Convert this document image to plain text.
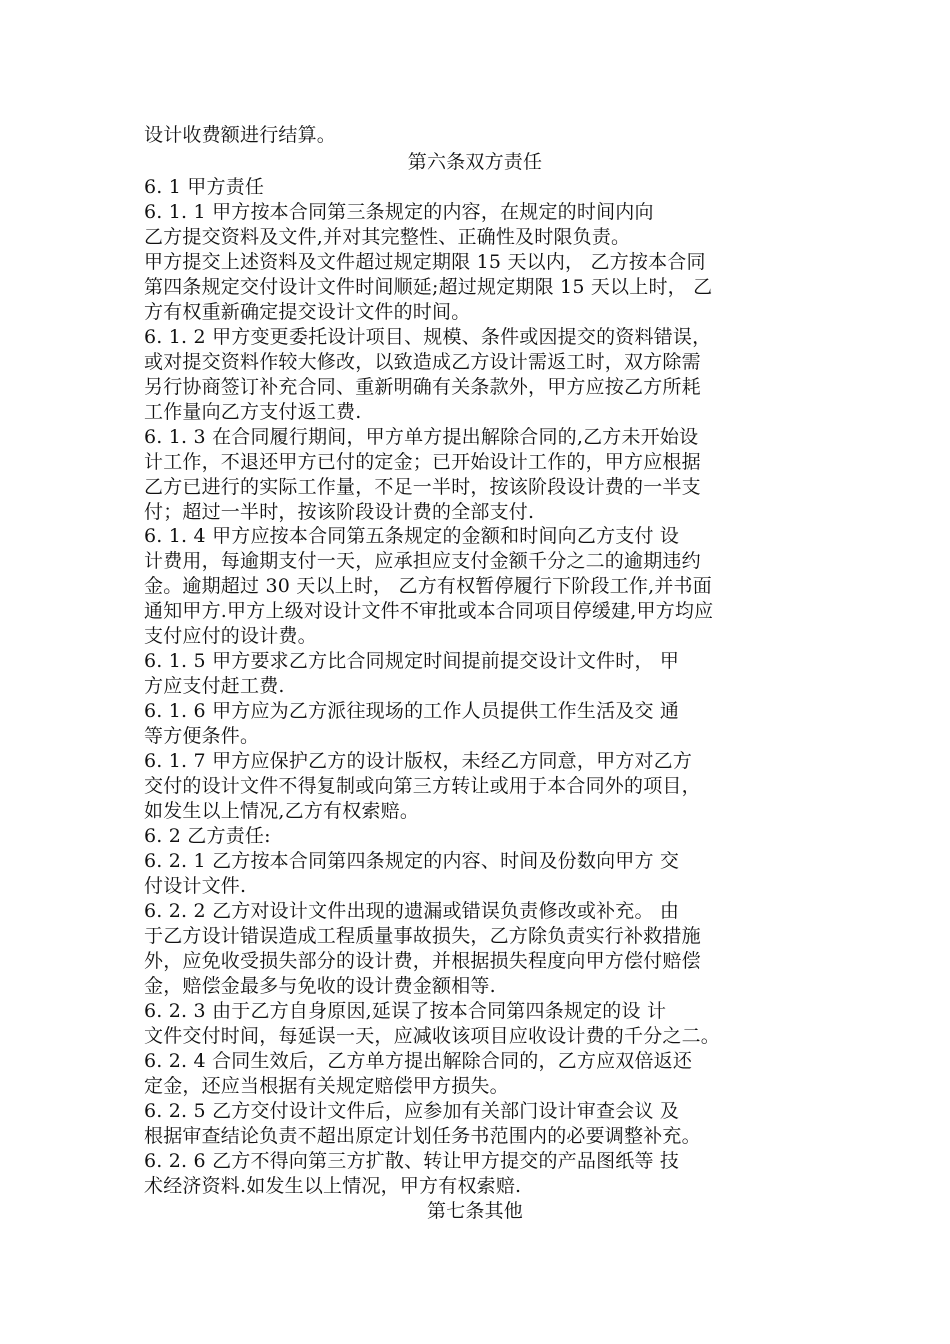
设计收费额进行结算。
第六条双方责任
6. 1 甲方责任
6. 1. 1 甲方按本合同第三条规定的内容，在规定的时间内向
乙方提交资料及文件,并对其完整性、正确性及时限负责。
甲方提交上述资料及文件超过规定期限 15 天以内， 乙方按本合同
第四条规定交付设计文件时间顺延;超过规定期限 15 天以上时， 乙
方有权重新确定提交设计文件的时间。
6. 1. 2 甲方变更委托设计项目、规模、条件或因提交的资料错误，
或对提交资料作较大修改，以致造成乙方设计需返工时，双方除需
另行协商签订补充合同、重新明确有关条款外，甲方应按乙方所耗
工作量向乙方支付返工费.
6. 1. 3 在合同履行期间，甲方单方提出解除合同的,乙方未开始设
计工作，不退还甲方已付的定金；已开始设计工作的，甲方应根据
乙方已进行的实际工作量，不足一半时，按该阶段设计费的一半支
付；超过一半时，按该阶段设计费的全部支付.
6. 1. 4 甲方应按本合同第五条规定的金额和时间向乙方支付 设
计费用，每逾期支付一天，应承担应支付金额千分之二的逾期违约
金。逾期超过 30 天以上时， 乙方有权暂停履行下阶段工作,并书面
通知甲方.甲方上级对设计文件不审批或本合同项目停缓建,甲方均应
支付应付的设计费。
6. 1. 5 甲方要求乙方比合同规定时间提前提交设计文件时， 甲
方应支付赶工费.
6. 1. 6 甲方应为乙方派往现场的工作人员提供工作生活及交 通
等方便条件。
6. 1. 7 甲方应保护乙方的设计版权，未经乙方同意，甲方对乙方
交付的设计文件不得复制或向第三方转让或用于本合同外的项目，
如发生以上情况,乙方有权索赔。
6. 2 乙方责任:
6. 2. 1 乙方按本合同第四条规定的内容、时间及份数向甲方 交
付设计文件.
6. 2. 2 乙方对设计文件出现的遗漏或错误负责修改或补充。 由
于乙方设计错误造成工程质量事故损失，乙方除负责实行补救措施
外，应免收受损失部分的设计费，并根据损失程度向甲方偿付赔偿
金，赔偿金最多与免收的设计费金额相等.
6. 2. 3 由于乙方自身原因,延误了按本合同第四条规定的设 计
文件交付时间，每延误一天，应减收该项目应收设计费的千分之二。
6. 2. 4 合同生效后，乙方单方提出解除合同的，乙方应双倍返还
定金，还应当根据有关规定赔偿甲方损失。
6. 2. 5 乙方交付设计文件后，应参加有关部门设计审查会议 及
根据审查结论负责不超出原定计划任务书范围内的必要调整补充。
6. 2. 6 乙方不得向第三方扩散、转让甲方提交的产品图纸等 技
术经济资料.如发生以上情况，甲方有权索赔.
第七条其他
